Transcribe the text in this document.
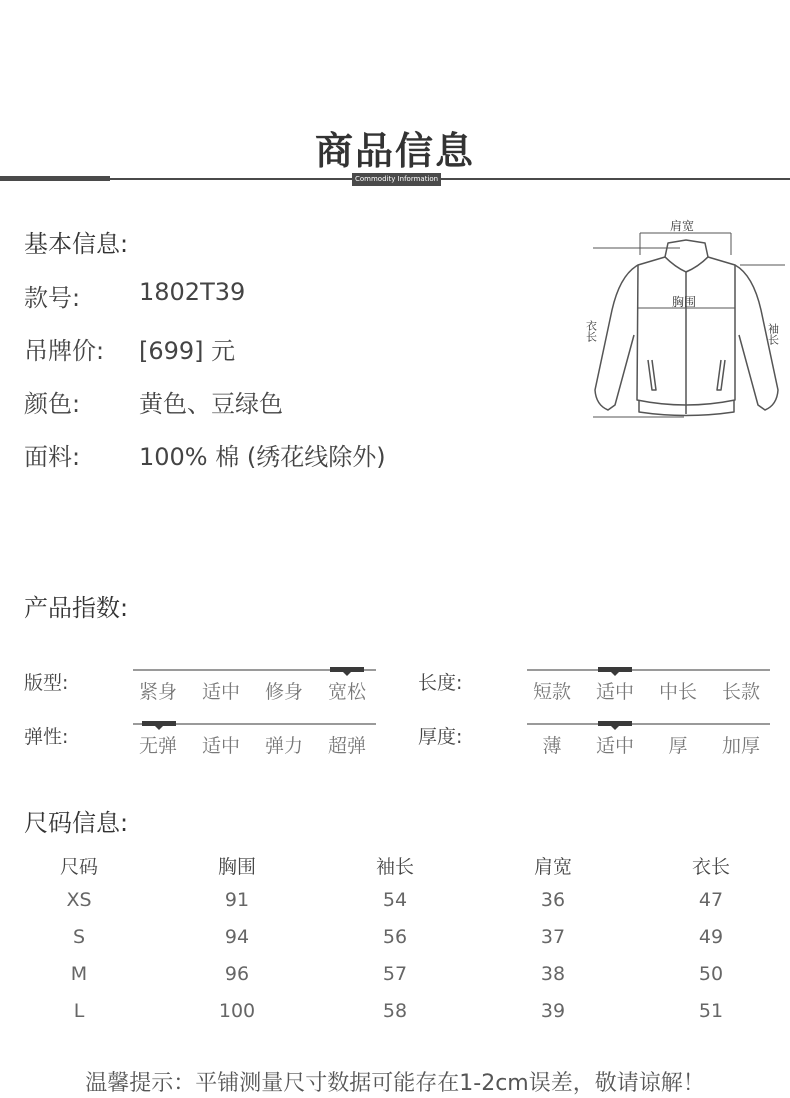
商品信息
Commodity Information
基本信息:
款号: 1802T39
吊牌价: [699] 元
颜色: 黄色、豆绿色
面料: 100% 棉 (绣花线除外)
肩宽
胸围
衣长	袖长
产品指数:
版型:	紧身	适中	修身	宽松	长度:	短款	适中	中长	长款
弹性:	无弹	适中	弹力	超弹	厚度:	薄	适中	厚	加厚
尺码信息:
尺码	胸围	袖长	肩宽	衣长
XS	91	54	36	47
S	94	56	37	49
M	96	57	38	50
L	100	58	39	51
温馨提示：平铺测量尺寸数据可能存在1-2cm误差，敬请谅解！
